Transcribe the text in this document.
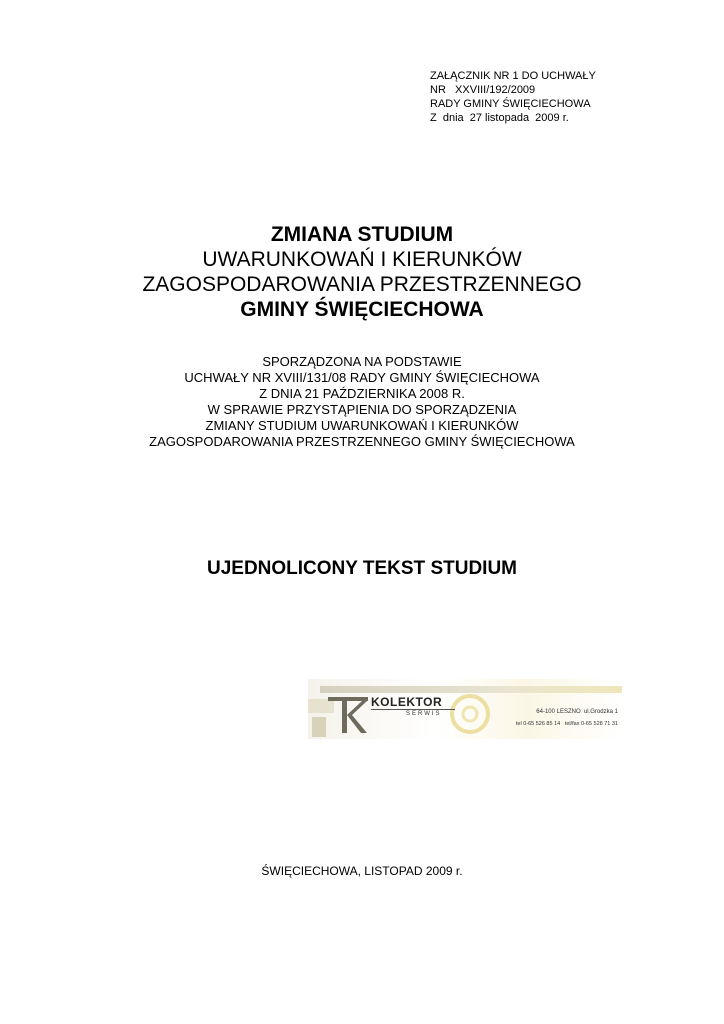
ZAŁĄCZNIK NR 1 DO UCHWAŁY
NR   XXVIII/192/2009
RADY GMINY ŚWIĘCIECHOWA
Z  dnia  27 listopada  2009 r.
ZMIANA STUDIUM
UWARUNKOWAŃ I KIERUNKÓW
ZAGOSPODAROWANIA PRZESTRZENNEGO
GMINY ŚWIĘCIECHOWA
SPORZĄDZONA NA PODSTAWIE
UCHWAŁY NR XVIII/131/08 RADY GMINY ŚWIĘCIECHOWA
Z DNIA 21 PAŹDZIERNIKA 2008 R.
W SPRAWIE PRZYSTĄPIENIA DO SPORZĄDZENIA
ZMIANY STUDIUM UWARUNKOWAŃ I KIERUNKÓW
ZAGOSPODAROWANIA PRZESTRZENNEGO GMINY ŚWIĘCIECHOWA
UJEDNOLICONY TEKST STUDIUM
KOLEKTOR
SERWIS	64-100 LESZNO  ul.Grodzka 1
tel 0-65 526 85 14   tel/fax 0-65 528 71 31
ŚWIĘCIECHOWA, LISTOPAD 2009 r.
